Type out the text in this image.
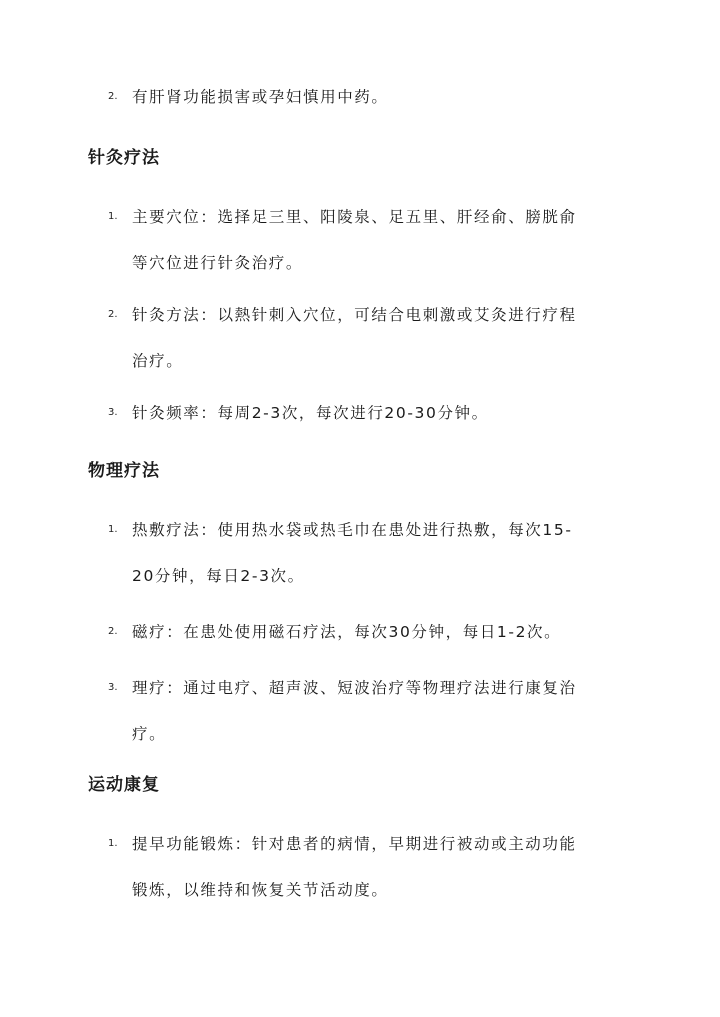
2. 有肝肾功能损害或孕妇慎用中药。
针灸疗法
1. 主要穴位：选择足三里、阳陵泉、足五里、肝经俞、膀胱俞
等穴位进行针灸治疗。
2. 针灸方法：以熱针刺入穴位，可结合电刺激或艾灸进行疗程
治疗。
3. 针灸频率：每周2-3次，每次进行20-30分钟。
物理疗法
1. 热敷疗法：使用热水袋或热毛巾在患处进行热敷，每次15-
20分钟，每日2-3次。
2. 磁疗：在患处使用磁石疗法，每次30分钟，每日1-2次。
3. 理疗：通过电疗、超声波、短波治疗等物理疗法进行康复治
疗。
运动康复
1. 提早功能锻炼：针对患者的病情，早期进行被动或主动功能
锻炼，以维持和恢复关节活动度。
